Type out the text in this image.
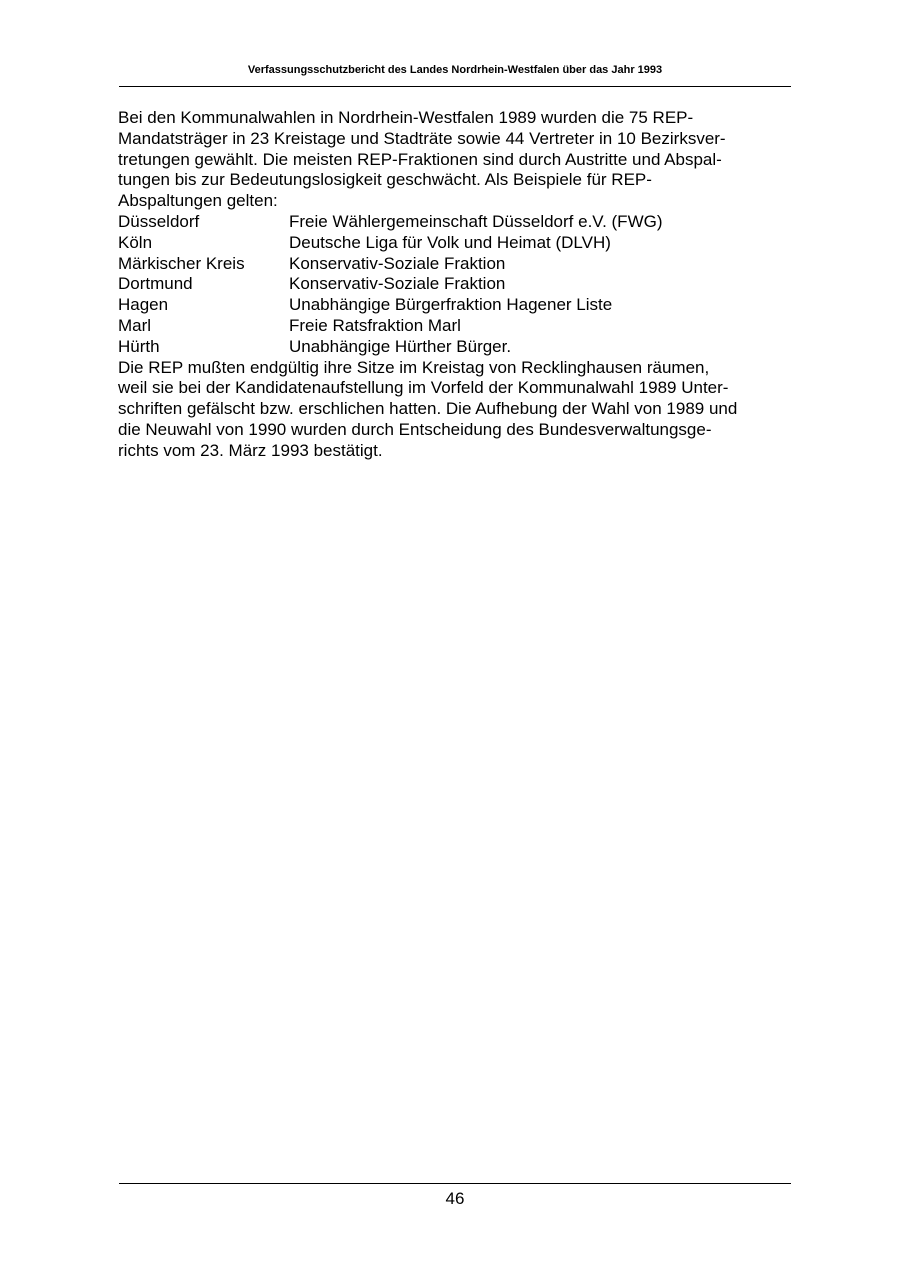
Verfassungsschutzbericht des Landes Nordrhein-Westfalen über das Jahr 1993

Bei den Kommunalwahlen in Nordrhein-Westfalen 1989 wurden die 75 REP-
Mandatsträger in 23 Kreistage und Stadträte sowie 44 Vertreter in 10 Bezirksver-
tretungen gewählt. Die meisten REP-Fraktionen sind durch Austritte und Abspal-
tungen bis zur Bedeutungslosigkeit geschwächt. Als Beispiele für REP-
Abspaltungen gelten:

Düsseldorf	Freie Wählergemeinschaft Düsseldorf e.V. (FWG)
Köln	Deutsche Liga für Volk und Heimat (DLVH)
Märkischer Kreis	Konservativ-Soziale Fraktion
Dortmund	Konservativ-Soziale Fraktion
Hagen	Unabhängige Bürgerfraktion Hagener Liste
Marl	Freie Ratsfraktion Marl
Hürth	Unabhängige Hürther Bürger.

Die REP mußten endgültig ihre Sitze im Kreistag von Recklinghausen räumen,
weil sie bei der Kandidatenaufstellung im Vorfeld der Kommunalwahl 1989 Unter-
schriften gefälscht bzw. erschlichen hatten. Die Aufhebung der Wahl von 1989 und
die Neuwahl von 1990 wurden durch Entscheidung des Bundesverwaltungsge-
richts vom 23. März 1993 bestätigt.

46
